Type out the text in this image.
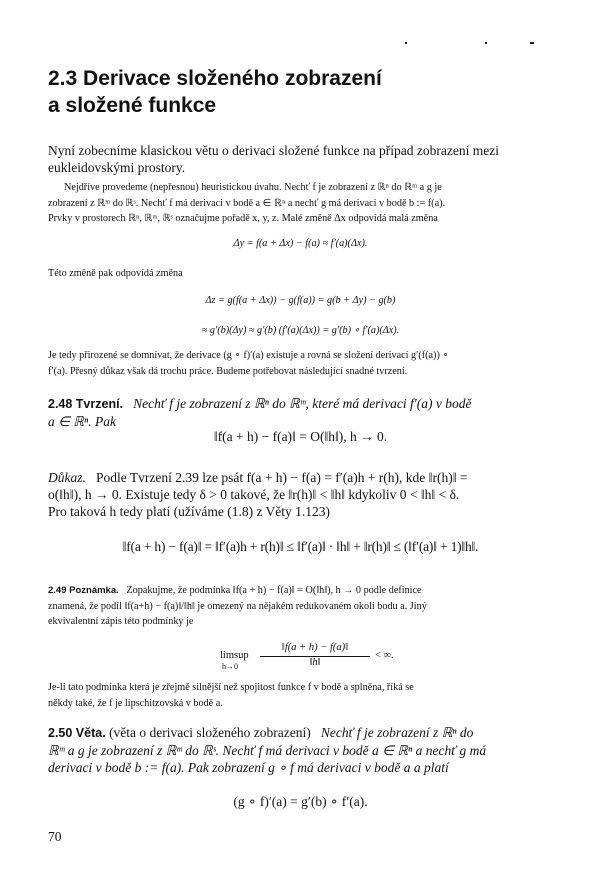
2.3 Derivace složeného zobrazení
a složené funkce
Nyní zobecníme klasickou větu o derivaci složené funkce na případ zobrazení mezi
eukleidovskými prostory.
Nejdříve provedeme (nepřesnou) heuristickou úvahu. Nechť f je zobrazení z ℝⁿ do ℝᵐ a g je
zobrazení z ℝᵐ do ℝˢ. Nechť f má derivaci v bodě a ∈ ℝⁿ a nechť g má derivaci v bodě b := f(a).
Prvky v prostorech ℝⁿ, ℝᵐ, ℝˢ označujme pořadě x, y, z. Malé změně Δx odpovídá malá změna
Δy = f(a + Δx) − f(a) ≈ f′(a)(Δx).
Této změně pak odpovídá změna
Δz = g(f(a + Δx)) − g(f(a)) = g(b + Δy) − g(b)
≈ g′(b)(Δy) ≈ g′(b) (f′(a)(Δx)) = g′(b) ∘ f′(a)(Δx).
Je tedy přirozené se domnívat, že derivace (g ∘ f)′(a) existuje a rovná se složení derivací g′(f(a)) ∘
f′(a). Přesný důkaz však dá trochu práce. Budeme potřebovat následující snadné tvrzení.
2.48 Tvrzení. Nechť f je zobrazení z ℝⁿ do ℝᵐ, které má derivaci f′(a) v bodě
a ∈ ℝⁿ. Pak
‖f(a + h) − f(a)‖ = O(‖h‖), h → 0.
Důkaz. Podle Tvrzení 2.39 lze psát f(a + h) − f(a) = f′(a)h + r(h), kde ‖r(h)‖ =
o(‖h‖), h → 0. Existuje tedy δ > 0 takové, že ‖r(h)‖ < ‖h‖ kdykoliv 0 < ‖h‖ < δ.
Pro taková h tedy platí (užíváme (1.8) z Věty 1.123)
‖f(a + h) − f(a)‖ = ‖f′(a)h + r(h)‖ ≤ ‖f′(a)‖ · ‖h‖ + ‖r(h)‖ ≤ (‖f′(a)‖ + 1)‖h‖.
2.49 Poznámka. Zopakujme, že podmínka ‖f(a + h) − f(a)‖ = O(‖h‖), h → 0 podle definice
znamená, že podíl ‖f(a+h) − f(a)‖/‖h‖ je omezený na nějakém redukovaném okolí bodu a. Jiný
ekvivalentní zápis této podmínky je
limsup
h→0
‖f(a + h) − f(a)‖
‖h‖
< ∞.
Je-li tato podmínka která je zřejmě silnější než spojitost funkce f v bodě a splněna, říká se
někdy také, že f je lipschitzovská v bodě a.
2.50 Věta. (věta o derivaci složeného zobrazení) Nechť f je zobrazení z ℝⁿ do
ℝᵐ a g je zobrazení z ℝᵐ do ℝˢ. Nechť f má derivaci v bodě a ∈ ℝⁿ a nechť g má
derivaci v bodě b := f(a). Pak zobrazení g ∘ f má derivaci v bodě a a platí
(g ∘ f)′(a) = g′(b) ∘ f′(a).
70
